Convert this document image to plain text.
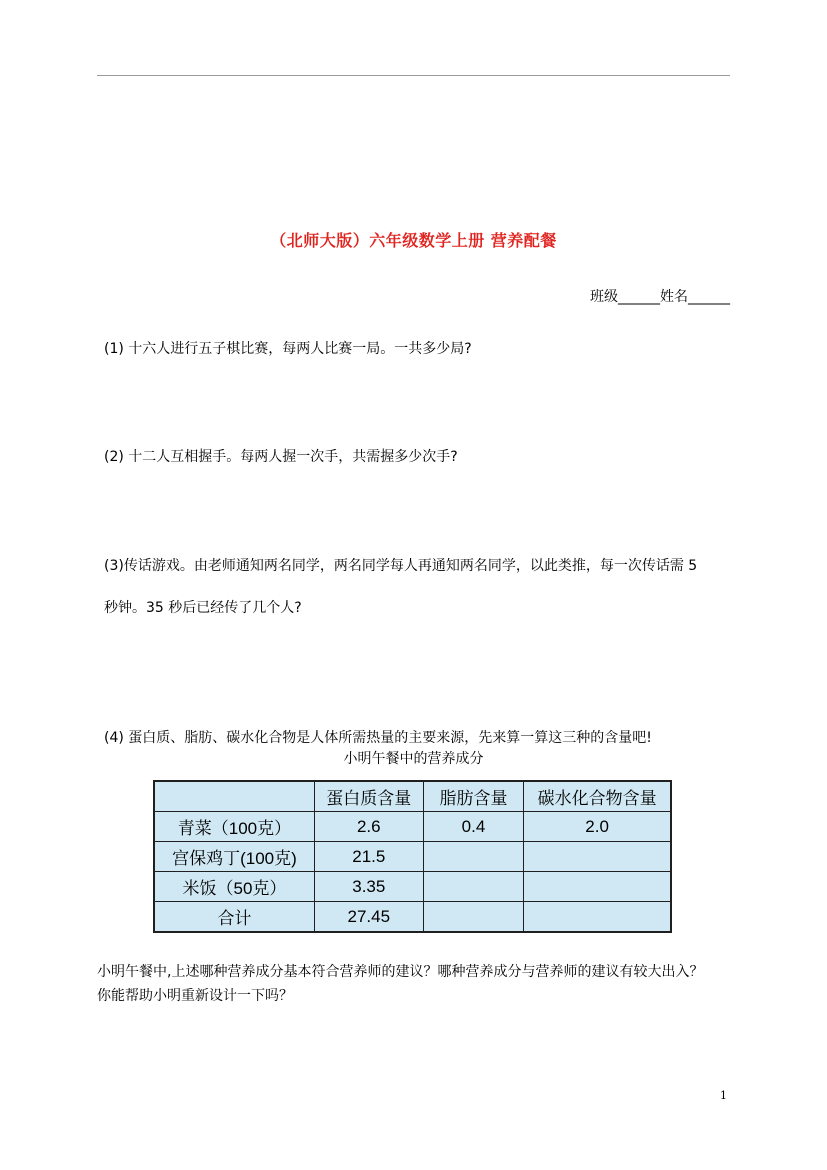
（北师大版）六年级数学上册 营养配餐
班级______姓名______
(1) 十六人进行五子棋比赛，每两人比赛一局。一共多少局?
(2) 十二人互相握手。每两人握一次手，共需握多少次手?
(3)传话游戏。由老师通知两名同学，两名同学每人再通知两名同学，以此类推，每一次传话需 5
秒钟。35 秒后已经传了几个人?
(4) 蛋白质、脂肪、碳水化合物是人体所需热量的主要来源，先来算一算这三种的含量吧!
小明午餐中的营养成分
	蛋白质含量	脂肪含量	碳水化合物含量
青菜（100克）	2.6	0.4	2.0
宫保鸡丁(100克)	21.5		
米饭（50克）	3.35		
合计	27.45		
小明午餐中,上述哪种营养成分基本符合营养师的建议？哪种营养成分与营养师的建议有较大出入？
你能帮助小明重新设计一下吗？
1
